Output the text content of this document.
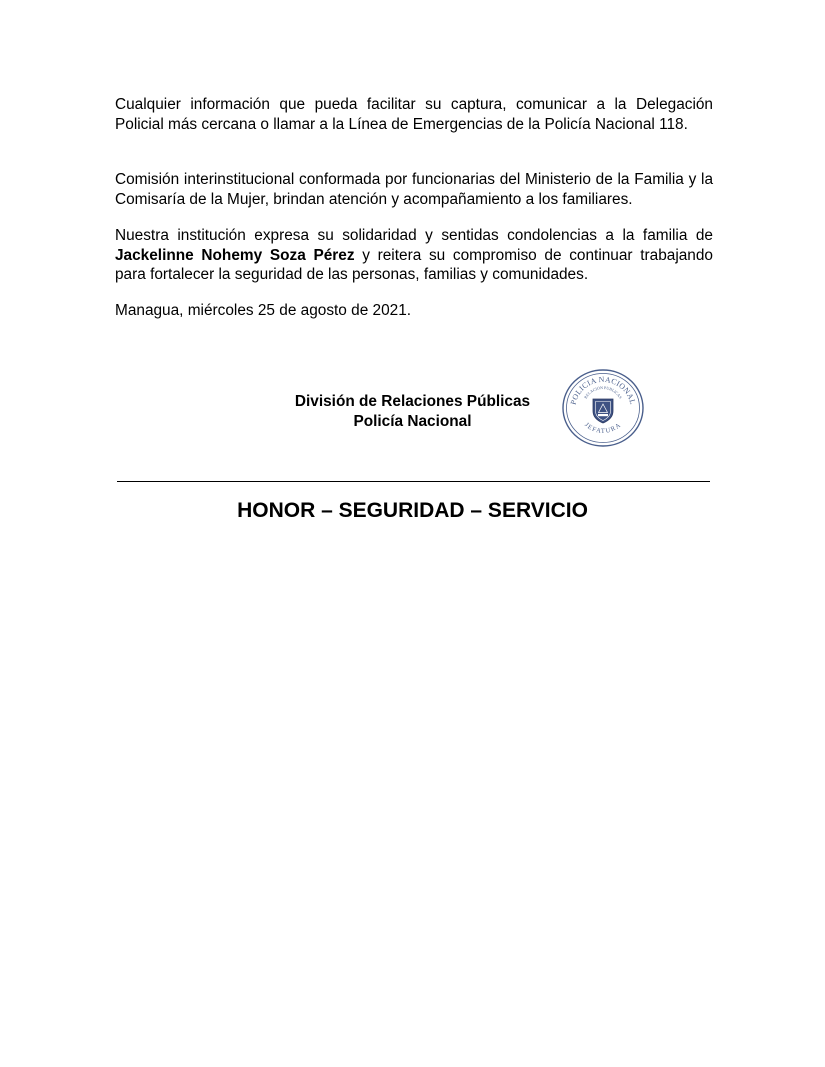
Cualquier información que pueda facilitar su captura, comunicar a la Delegación Policial más cercana o llamar a la Línea de Emergencias de la Policía Nacional 118.

Comisión interinstitucional conformada por funcionarias del Ministerio de la Familia y la Comisaría de la Mujer, brindan atención y acompañamiento a los familiares.

Nuestra institución expresa su solidaridad y sentidas condolencias a la familia de Jackelinne Nohemy Soza Pérez y reitera su compromiso de continuar trabajando para fortalecer la seguridad de las personas, familias y comunidades.

Managua, miércoles 25 de agosto de 2021.

División de Relaciones Públicas
Policía Nacional
POLICIA NACIONAL
RELACION PUBLICAS
JEFATURA
HONOR – SEGURIDAD – SERVICIO
